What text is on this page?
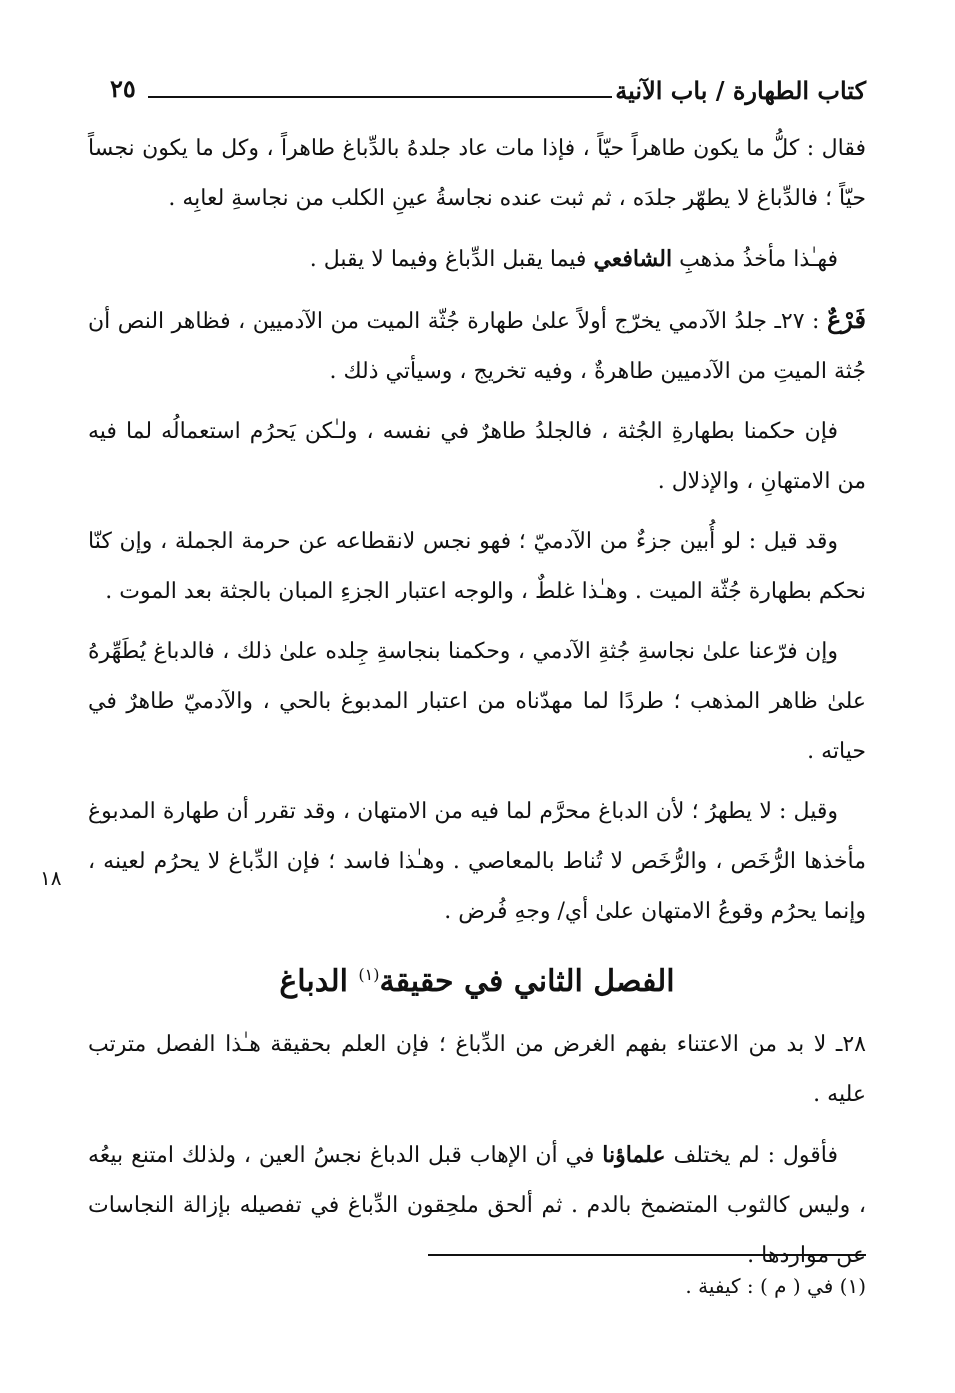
كتاب الطهارة / باب الآنية
٢٥
١٨

فقال : كلُّ ما يكون طاهراً حيّاً ، فإذا مات عاد جلدهُ بالدِّباغ طاهراً ، وكل ما يكون نجساً حيّاً ؛ فالدِّباغ لا يطهّر جلدَه ، ثم ثبت عنده نجاسةُ عينِ الكلب من نجاسةِ لعابِه .

فهـٰذا مأخذُ مذهبِ الشافعي فيما يقبل الدِّباغ وفيما لا يقبل .

فَرْعٌ : ٢٧ـ جلدُ الآدمي يخرّج أولاً علىٰ طهارة جُثّة الميت من الآدميين ، فظاهر النص أن جُثة الميتِ من الآدميين طاهرةٌ ، وفيه تخريج ، وسيأتي ذلك .

فإن حكمنا بطهارةِ الجُثة ، فالجلدُ طاهرٌ في نفسه ، ولـٰكن يَحرُم استعمالُه لما فيه من الامتهانِ ، والإذلال .

وقد قيل : لو أُبين جزءٌ من الآدميّ ؛ فهو نجس لانقطاعه عن حرمة الجملة ، وإن كنّا نحكم بطهارة جُثّة الميت . وهـٰذا غلطٌ ، والوجه اعتبار الجزءِ المبان بالجثة بعد الموت .

وإن فرّعنا علىٰ نجاسةِ جُثةِ الآدمي ، وحكمنا بنجاسةِ جِلده علىٰ ذلك ، فالدباغ يُطَهِّرهُ علىٰ ظاهر المذهب ؛ طردًا لما مهدّناه من اعتبار المدبوغ بالحي ، والآدميّ طاهرٌ في حياته .

وقيل : لا يطهرُ ؛ لأن الدباغ محرَّم لما فيه من الامتهان ، وقد تقرر أن طهارة المدبوغ مأخذها الرُّخَص ، والرُّخَص لا تُناط بالمعاصي . وهـٰذا فاسد ؛ فإن الدِّباغ لا يحرُم لعينه ، وإنما يحرُم وقوعُ الامتهان علىٰ أي/ وجهِ فُرض .

الفصل الثاني في حقيقة$^{(١)}$ الدباغ

٢٨ـ لا بد من الاعتناء بفهم الغرض من الدِّباغ ؛ فإن العلم بحقيقة هـٰذا الفصل مترتب عليه .

فأقول : لم يختلف علماؤنا في أن الإهاب قبل الدباغ نجسُ العين ، ولذلك امتنع بيعُه ، وليس كالثوب المتضمخ بالدم . ثم ألحق ملحِقون الدِّباغ في تفصيله بإزالة النجاسات عن مواردها .

(١) في ( م ) : كيفية .
